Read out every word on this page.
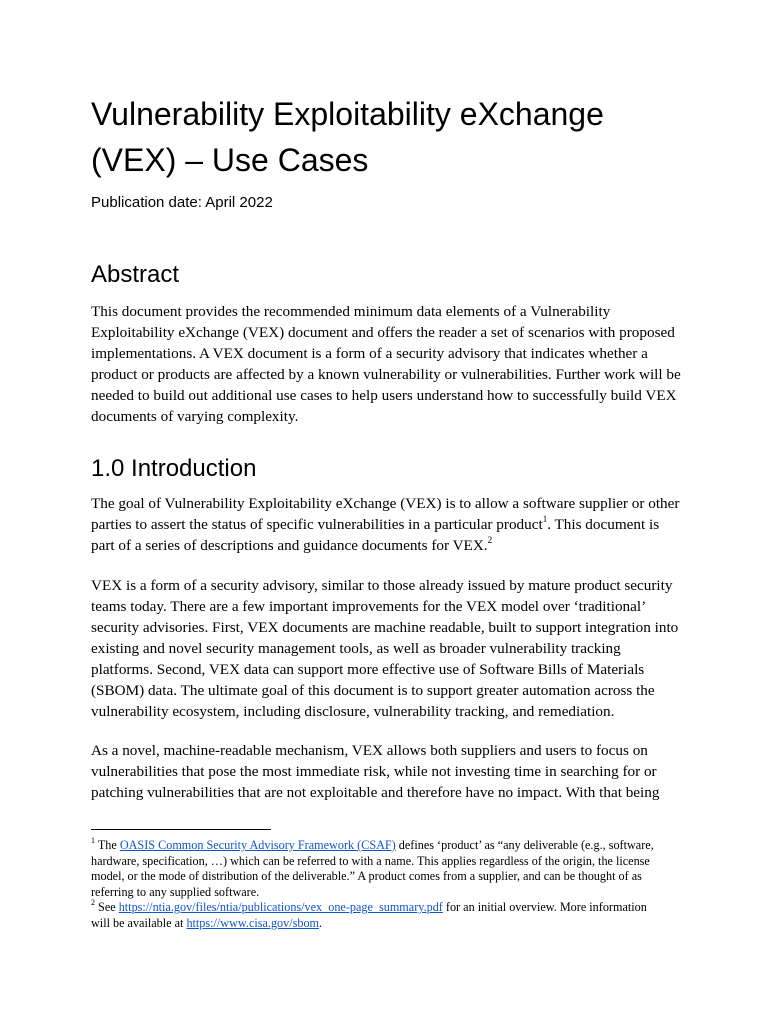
Vulnerability Exploitability eXchange
(VEX) – Use Cases
Publication date: April 2022
Abstract

This document provides the recommended minimum data elements of a Vulnerability
Exploitability eXchange (VEX) document and offers the reader a set of scenarios with proposed
implementations. A VEX document is a form of a security advisory that indicates whether a
product or products are affected by a known vulnerability or vulnerabilities. Further work will be
needed to build out additional use cases to help users understand how to successfully build VEX
documents of varying complexity.

1.0 Introduction

The goal of Vulnerability Exploitability eXchange (VEX) is to allow a software supplier or other
parties to assert the status of specific vulnerabilities in a particular product$^1$. This document is
part of a series of descriptions and guidance documents for VEX.$^2$

VEX is a form of a security advisory, similar to those already issued by mature product security
teams today. There are a few important improvements for the VEX model over ‘traditional’
security advisories. First, VEX documents are machine readable, built to support integration into
existing and novel security management tools, as well as broader vulnerability tracking
platforms. Second, VEX data can support more effective use of Software Bills of Materials
(SBOM) data. The ultimate goal of this document is to support greater automation across the
vulnerability ecosystem, including disclosure, vulnerability tracking, and remediation.

As a novel, machine-readable mechanism, VEX allows both suppliers and users to focus on
vulnerabilities that pose the most immediate risk, while not investing time in searching for or
patching vulnerabilities that are not exploitable and therefore have no impact. With that being

$^1$ The OASIS Common Security Advisory Framework (CSAF) defines ‘product’ as “any deliverable (e.g., software,
hardware, specification, …) which can be referred to with a name. This applies regardless of the origin, the license
model, or the mode of distribution of the deliverable.” A product comes from a supplier, and can be thought of as
referring to any supplied software.
$^2$ See https://ntia.gov/files/ntia/publications/vex_one-page_summary.pdf for an initial overview. More information
will be available at https://www.cisa.gov/sbom.
